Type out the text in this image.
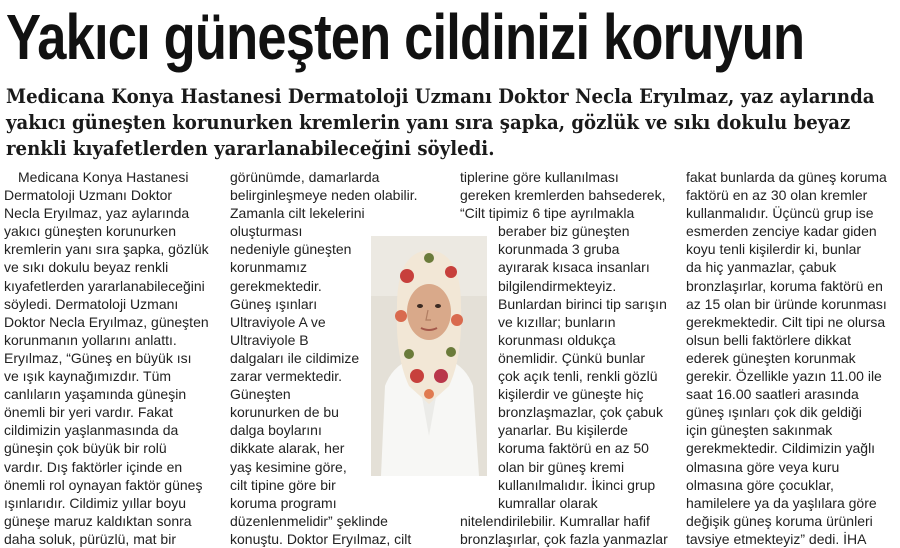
Yakıcı güneşten cildinizi koruyun

Medicana Konya Hastanesi Dermatoloji Uzmanı Doktor Necla Eryılmaz, yaz aylarında yakıcı güneşten korunurken kremlerin yanı sıra şapka, gözlük ve sıkı dokulu beyaz renkli kıyafetlerden yararlanabileceğini söyledi.

Medicana Konya Hastanesi
Dermatoloji Uzmanı Doktor
Necla Eryılmaz, yaz aylarında
yakıcı güneşten korunurken
kremlerin yanı sıra şapka, gözlük
ve sıkı dokulu beyaz renkli
kıyafetlerden yararlanabileceğini
söyledi. Dermatoloji Uzmanı
Doktor Necla Eryılmaz, güneşten
korunmanın yollarını anlattı.
Eryılmaz, “Güneş en büyük ısı
ve ışık kaynağımızdır. Tüm
canlıların yaşamında güneşin
önemli bir yeri vardır. Fakat
cildimizin yaşlanmasında da
güneşin çok büyük bir rolü
vardır. Dış faktörler içinde en
önemli rol oynayan faktör güneş
ışınlarıdır. Cildimiz yıllar boyu
güneşe maruz kaldıktan sonra
daha soluk, pürüzlü, mat bir
görünümde, damarlarda
belirginleşmeye neden olabilir.
Zamanla cilt lekelerini
oluşturması
nedeniyle güneşten
korunmamız
gerekmektedir.
Güneş ışınları
Ultraviyole A ve
Ultraviyole B
dalgaları ile cildimize
zarar vermektedir.
Güneşten
korunurken de bu
dalga boylarını
dikkate alarak, her
yaş kesimine göre,
cilt tipine göre bir
koruma programı
düzenlenmelidir” şeklinde
konuştu. Doktor Eryılmaz, cilt
tiplerine göre kullanılması
gereken kremlerden bahsederek,
“Cilt tipimiz 6 tipe ayrılmakla
beraber biz güneşten
korunmada 3 gruba
ayırarak kısaca insanları
bilgilendirmekteyiz.
Bunlardan birinci tip sarışın
ve kızıllar; bunların
korunması oldukça
önemlidir. Çünkü bunlar
çok açık tenli, renkli gözlü
kişilerdir ve güneşte hiç
bronzlaşmazlar, çok çabuk
yanarlar. Bu kişilerde
koruma faktörü en az 50
olan bir güneş kremi
kullanılmalıdır. İkinci grup
kumrallar olarak
nitelendirilebilir. Kumrallar hafif
bronzlaşırlar, çok fazla yanmazlar
fakat bunlarda da güneş koruma
faktörü en az 30 olan kremler
kullanmalıdır. Üçüncü grup ise
esmerden zenciye kadar giden
koyu tenli kişilerdir ki, bunlar
da hiç yanmazlar, çabuk
bronzlaşırlar, koruma faktörü en
az 15 olan bir üründe korunması
gerekmektedir. Cilt tipi ne olursa
olsun belli faktörlere dikkat
ederek güneşten korunmak
gerekir. Özellikle yazın 11.00 ile
saat 16.00 saatleri arasında
güneş ışınları çok dik geldiği
için güneşten sakınmak
gerekmektedir. Cildimizin yağlı
olmasına göre veya kuru
olmasına göre çocuklar,
hamilelere ya da yaşlılara göre
değişik güneş koruma ürünleri
tavsiye etmekteyiz” dedi. İHA
